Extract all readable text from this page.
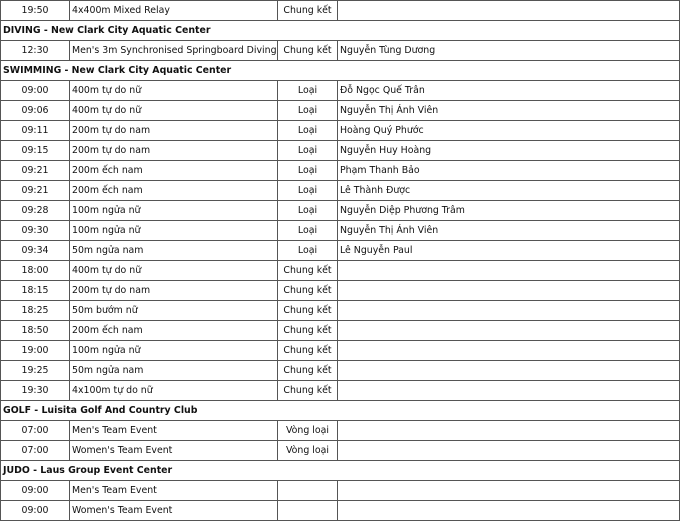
19:50	4x400m Mixed Relay	Chung kết	
DIVING - New Clark City Aquatic Center			
12:30	Men's 3m Synchronised Springboard Diving	Chung kết	Nguyễn Tùng Dương
SWIMMING - New Clark City Aquatic Center			
09:00	400m tự do nữ	Loại	Đỗ Ngọc Quế Trân
09:06	400m tự do nữ	Loại	Nguyễn Thị Ánh Viên
09:11	200m tự do nam	Loại	Hoàng Quý Phước
09:15	200m tự do nam	Loại	Nguyễn Huy Hoàng
09:21	200m ếch nam	Loại	Phạm Thanh Bảo
09:21	200m ếch nam	Loại	Lê Thành Được
09:28	100m ngửa nữ	Loại	Nguyễn Diệp Phương Trâm
09:30	100m ngửa nữ	Loại	Nguyễn Thị Ánh Viên
09:34	50m ngửa nam	Loại	Lê Nguyễn Paul
18:00	400m tự do nữ	Chung kết	
18:15	200m tự do nam	Chung kết	
18:25	50m bướm nữ	Chung kết	
18:50	200m ếch nam	Chung kết	
19:00	100m ngửa nữ	Chung kết	
19:25	50m ngửa nam	Chung kết	
19:30	4x100m tự do nữ	Chung kết	
GOLF - Luisita Golf And Country Club			
07:00	Men's Team Event	Vòng loại	
07:00	Women's Team Event	Vòng loại	
JUDO - Laus Group Event Center			
09:00	Men's Team Event		
09:00	Women's Team Event		
